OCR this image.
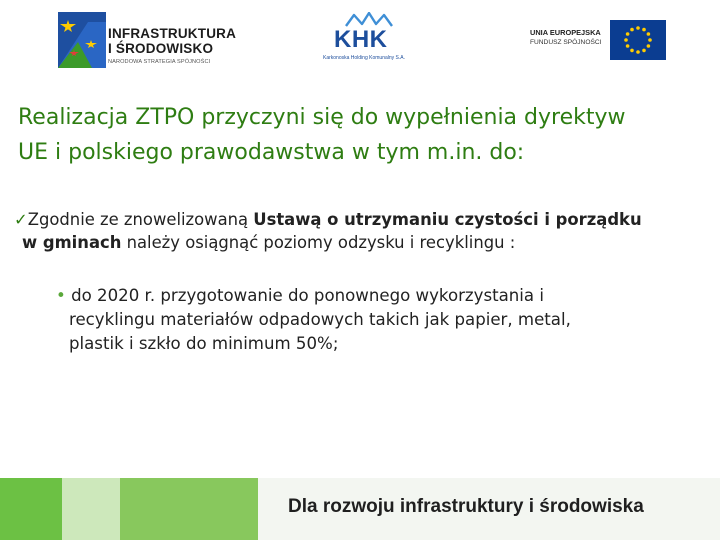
INFRASTRUKTURA
I ŚRODOWISKO
NARODOWA STRATEGIA SPÓJNOŚCI
KHK
Karkonoska Holding Komunalny S.A.
UNIA EUROPEJSKA
FUNDUSZ SPÓJNOŚCI
Realizacja ZTPO przyczyni się do wypełnienia dyrektyw
UE i polskiego prawodawstwa w tym m.in. do:
✓Zgodnie ze znowelizowaną Ustawą o utrzymaniu czystości i porządku
w gminach należy osiągnąć poziomy odzysku i recyklingu :
• do 2020 r. przygotowanie do ponownego wykorzystania i
recyklingu materiałów odpadowych takich jak papier, metal,
plastik i szkło do minimum 50%;
Dla rozwoju infrastruktury i środowiska
